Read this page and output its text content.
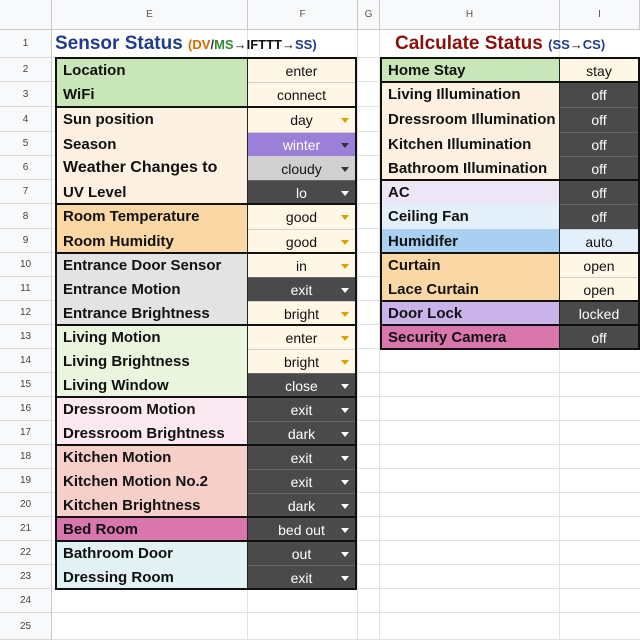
E	F	G	H	I
1
2
3
4
5
6
7
8
9
10
11
12
13
14
15
16
17
18
19
20
21
22
23
24
25
Sensor Status (DV/MS→IFTTT→SS)	Calculate Status (SS→CS)
Location	enter
WiFi	connect
Sun position	day
Season	winter
Weather Changes to	cloudy
UV Level	lo
Room Temperature	good
Room Humidity	good
Entrance Door Sensor	in
Entrance Motion	exit
Entrance Brightness	bright
Living Motion	enter
Living Brightness	bright
Living Window	close
Dressroom Motion	exit
Dressroom Brightness	dark
Kitchen Motion	exit
Kitchen Motion No.2	exit
Kitchen Brightness	dark
Bed Room	bed out
Bathroom Door	out
Dressing Room	exit
Home Stay	stay
Living Illumination	off
Dressroom Illumination	off
Kitchen Illumination	off
Bathroom Illumination	off
AC	off
Ceiling Fan	off
Humidifer	auto
Curtain	open
Lace Curtain	open
Door Lock	locked
Security Camera	off
